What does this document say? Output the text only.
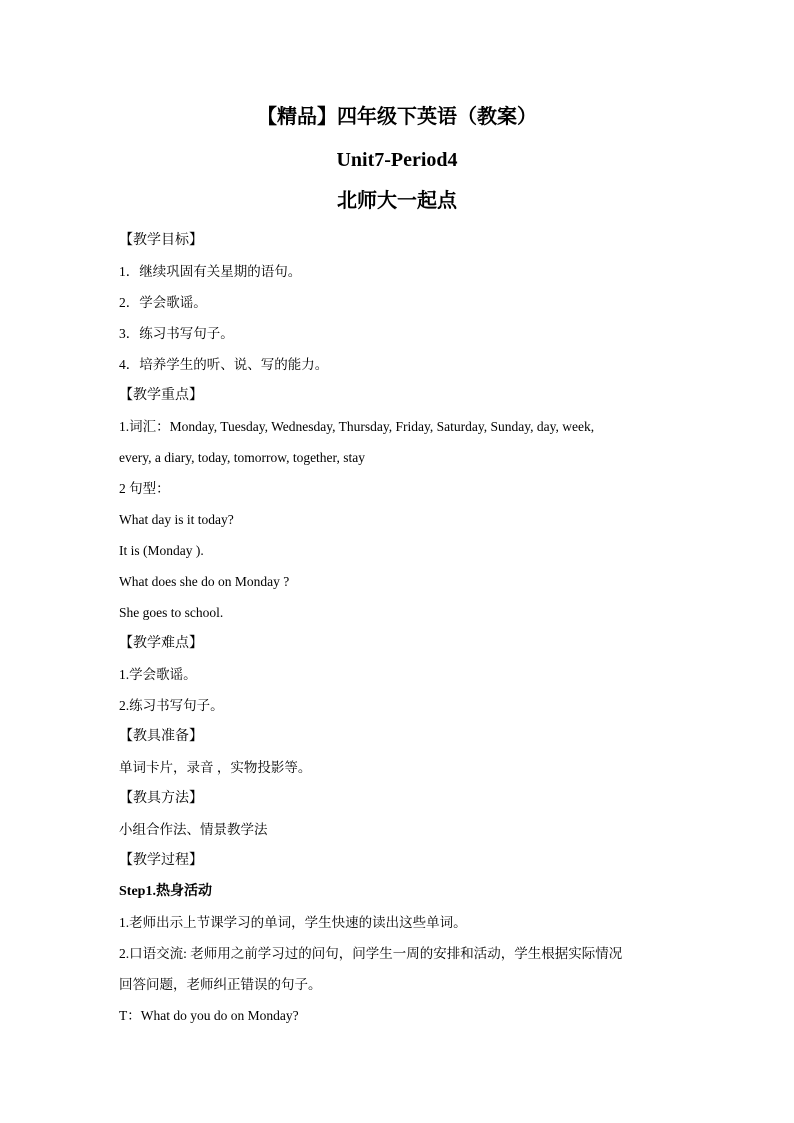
【精品】四年级下英语（教案）
Unit7-Period4
北师大一起点
【教学目标】
1．继续巩固有关星期的语句。
2．学会歌谣。
3．练习书写句子。
4．培养学生的听、说、写的能力。
【教学重点】
1.词汇：Monday, Tuesday, Wednesday, Thursday, Friday, Saturday, Sunday, day, week,
every, a diary, today, tomorrow, together, stay
2 句型：
What day is it today?
It is (Monday ).
What does she do on Monday ?
She goes to school.
【教学难点】
1.学会歌谣。
2.练习书写句子。
【教具准备】
单词卡片，录音 ，实物投影等。
【教具方法】
小组合作法、情景教学法
【教学过程】
Step1.热身活动
1.老师出示上节课学习的单词，学生快速的读出这些单词。
2.口语交流: 老师用之前学习过的问句，问学生一周的安排和活动，学生根据实际情况
回答问题，老师纠正错误的句子。
T：What do you do on Monday?
